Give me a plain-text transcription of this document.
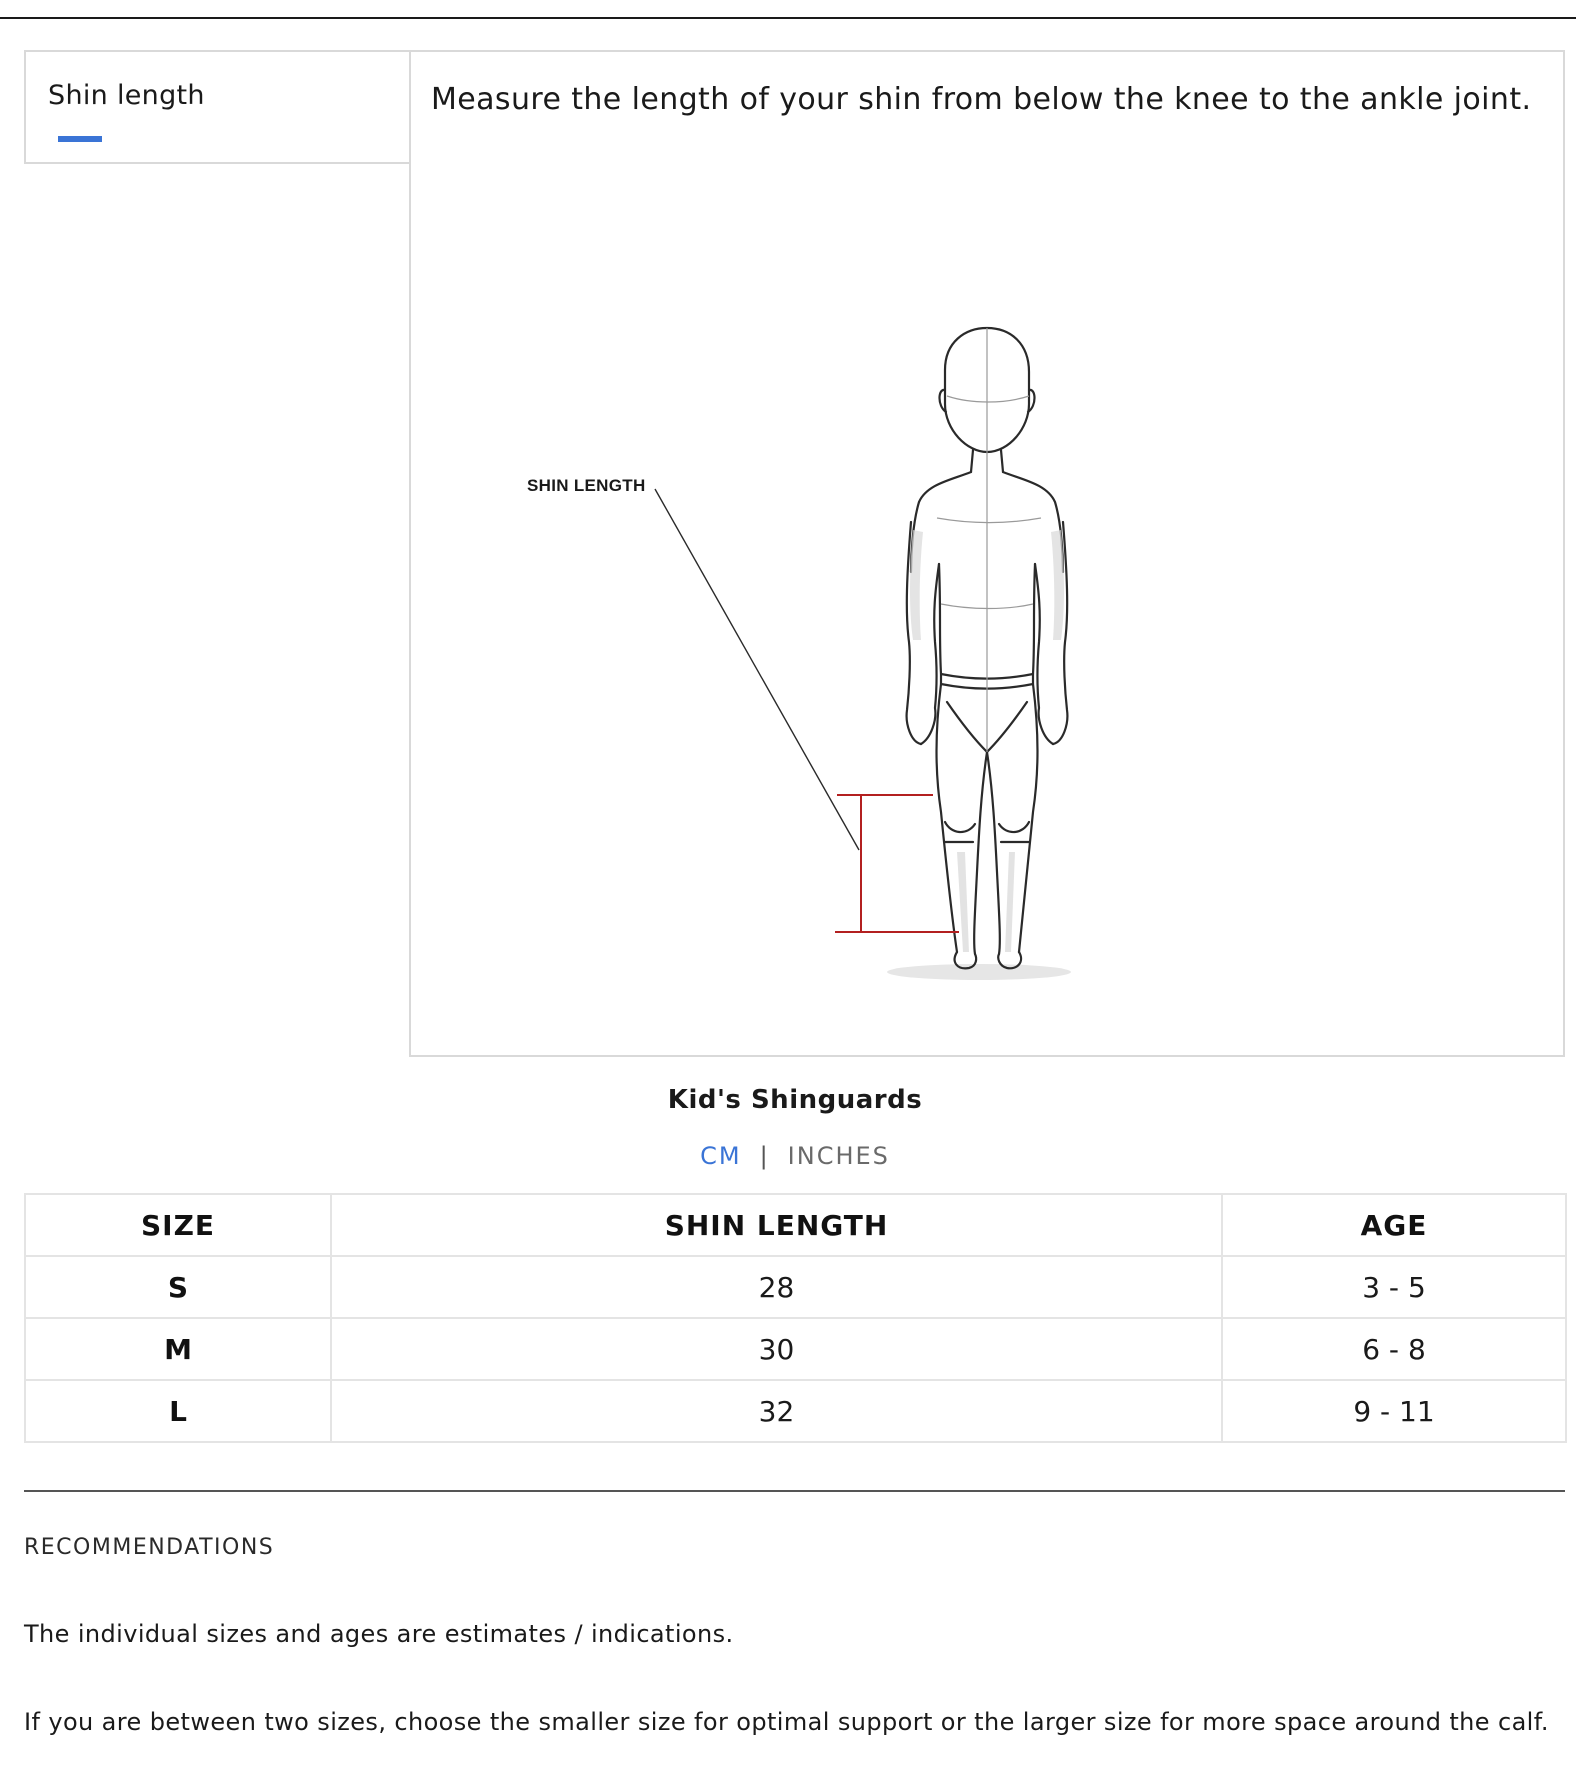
Shin length	Measure the length of your shin from below the knee to the ankle joint.
SHIN LENGTH
Kid's Shinguards
CM | INCHES
SIZE	SHIN LENGTH	AGE
S	28	3 - 5
M	30	6 - 8
L	32	9 - 11
RECOMMENDATIONS
The individual sizes and ages are estimates / indications.
If you are between two sizes, choose the smaller size for optimal support or the larger size for more space around the calf.
